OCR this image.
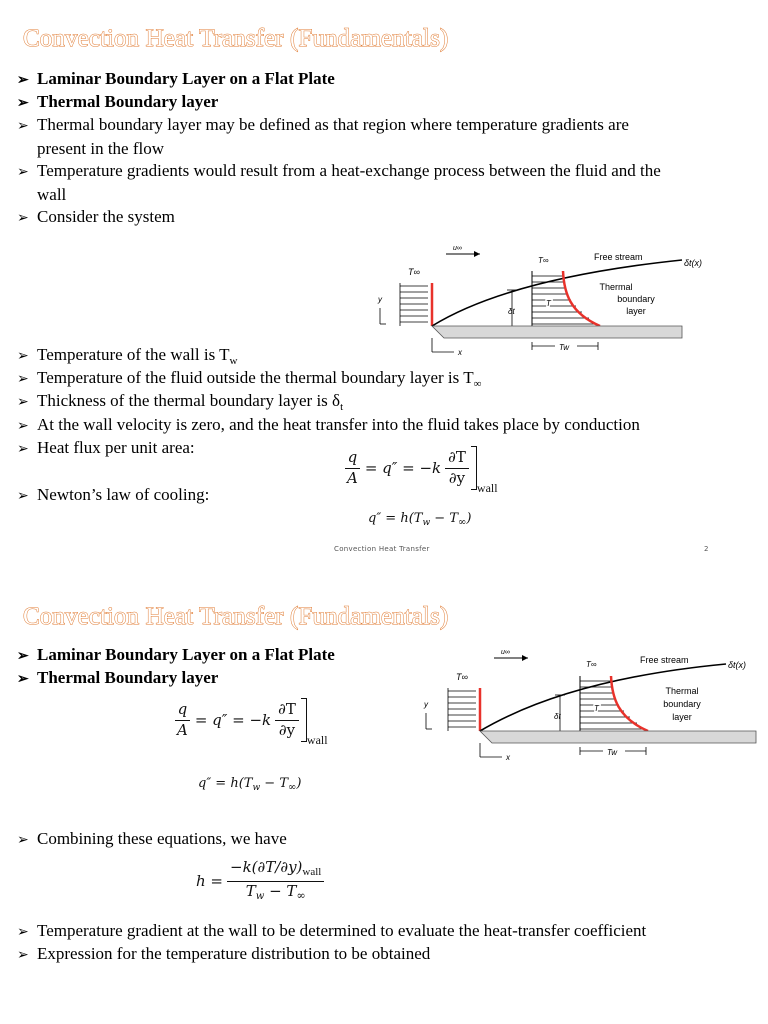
Convection Heat Transfer (Fundamentals)
➢ Laminar Boundary Layer on a Flat Plate
➢ Thermal Boundary layer
➢ Thermal boundary layer may be defined as that region where temperature gradients are
present in the flow
➢ Temperature gradients would result from a heat-exchange process between the fluid and the
wall
➢ Consider the system
u∞
T∞
Free stream
δt(x)
T∞
T
δt
Thermal
boundary
layer
y
x
Tw
➢ Temperature of the wall is $T_w$
➢ Temperature of the fluid outside the thermal boundary layer is $T_\infty$
➢ Thickness of the thermal boundary layer is $\delta_t$
➢ At the wall velocity is zero, and the heat transfer into the fluid takes place by conduction
➢ Heat flux per unit area:
➢ Newton’s law of cooling:
$\frac{q}{A} = q'' = -k \frac{\partial T}{\partial y}$
wall
$q'' = h(T_w - T_\infty)$
Convection Heat Transfer	2
Convection Heat Transfer (Fundamentals)
➢ Laminar Boundary Layer on a Flat Plate
➢ Thermal Boundary layer
$\frac{q}{A} = q'' = -k \frac{\partial T}{\partial y}$
wall
$q'' = h(T_w - T_\infty)$
u∞
T∞
Free stream	δt(x)
T∞
T
δt
Thermal
boundary
layer
y
x
Tw
➢ Combining these equations, we have
$h = \frac{-k(\partial T/\partial y)_{wall}}{T_w - T_\infty}$
➢ Temperature gradient at the wall to be determined to evaluate the heat-transfer coefficient
➢ Expression for the temperature distribution to be obtained
